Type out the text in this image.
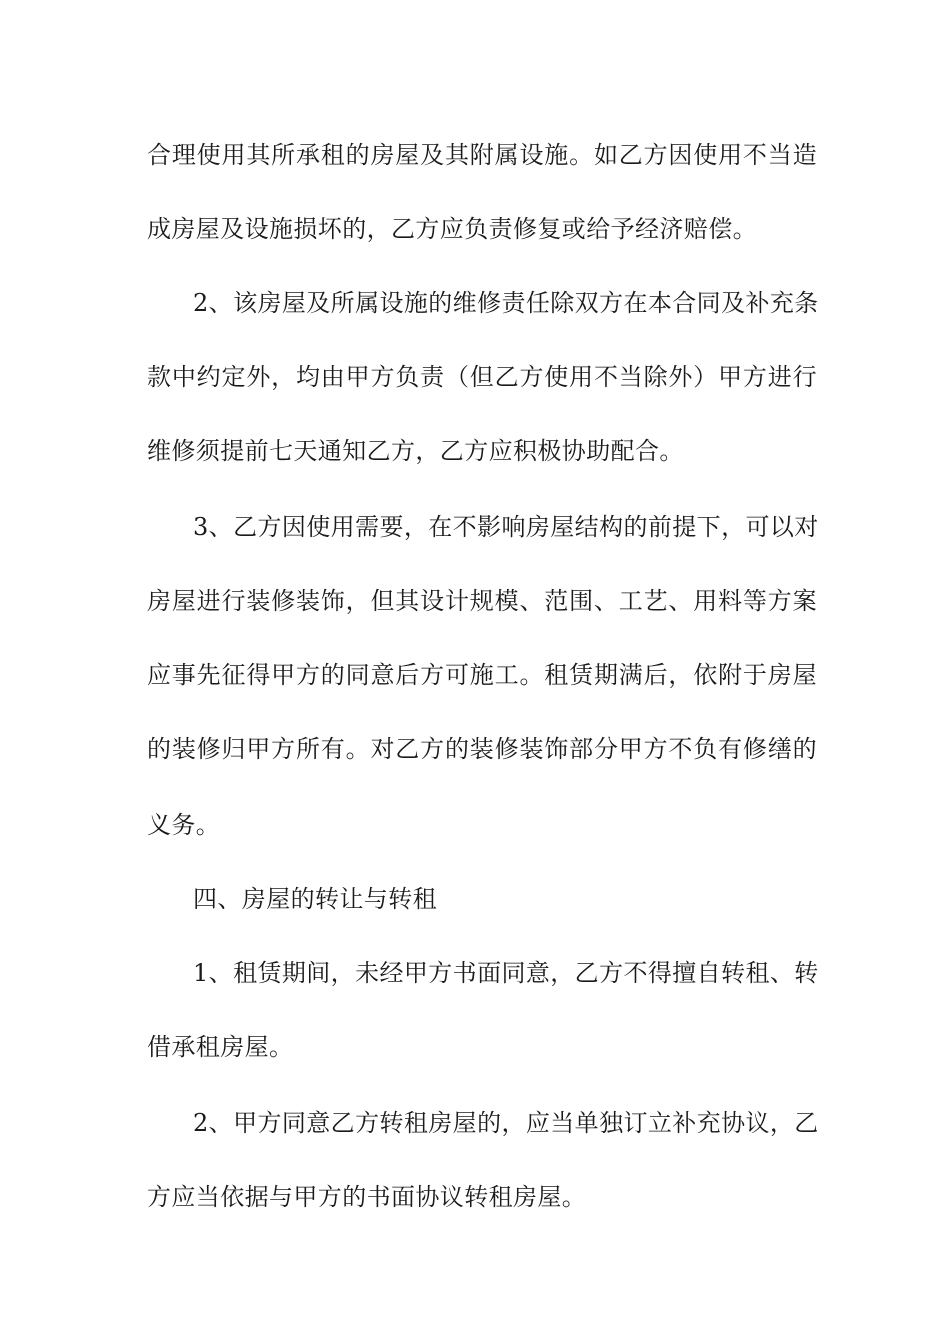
合理使用其所承租的房屋及其附属设施。如乙方因使用不当造
成房屋及设施损坏的，乙方应负责修复或给予经济赔偿。
2、该房屋及所属设施的维修责任除双方在本合同及补充条
款中约定外，均由甲方负责（但乙方使用不当除外）甲方进行
维修须提前七天通知乙方，乙方应积极协助配合。
3、乙方因使用需要，在不影响房屋结构的前提下，可以对
房屋进行装修装饰，但其设计规模、范围、工艺、用料等方案
应事先征得甲方的同意后方可施工。租赁期满后，依附于房屋
的装修归甲方所有。对乙方的装修装饰部分甲方不负有修缮的
义务。
四、房屋的转让与转租
1、租赁期间，未经甲方书面同意，乙方不得擅自转租、转
借承租房屋。
2、甲方同意乙方转租房屋的，应当单独订立补充协议，乙
方应当依据与甲方的书面协议转租房屋。
